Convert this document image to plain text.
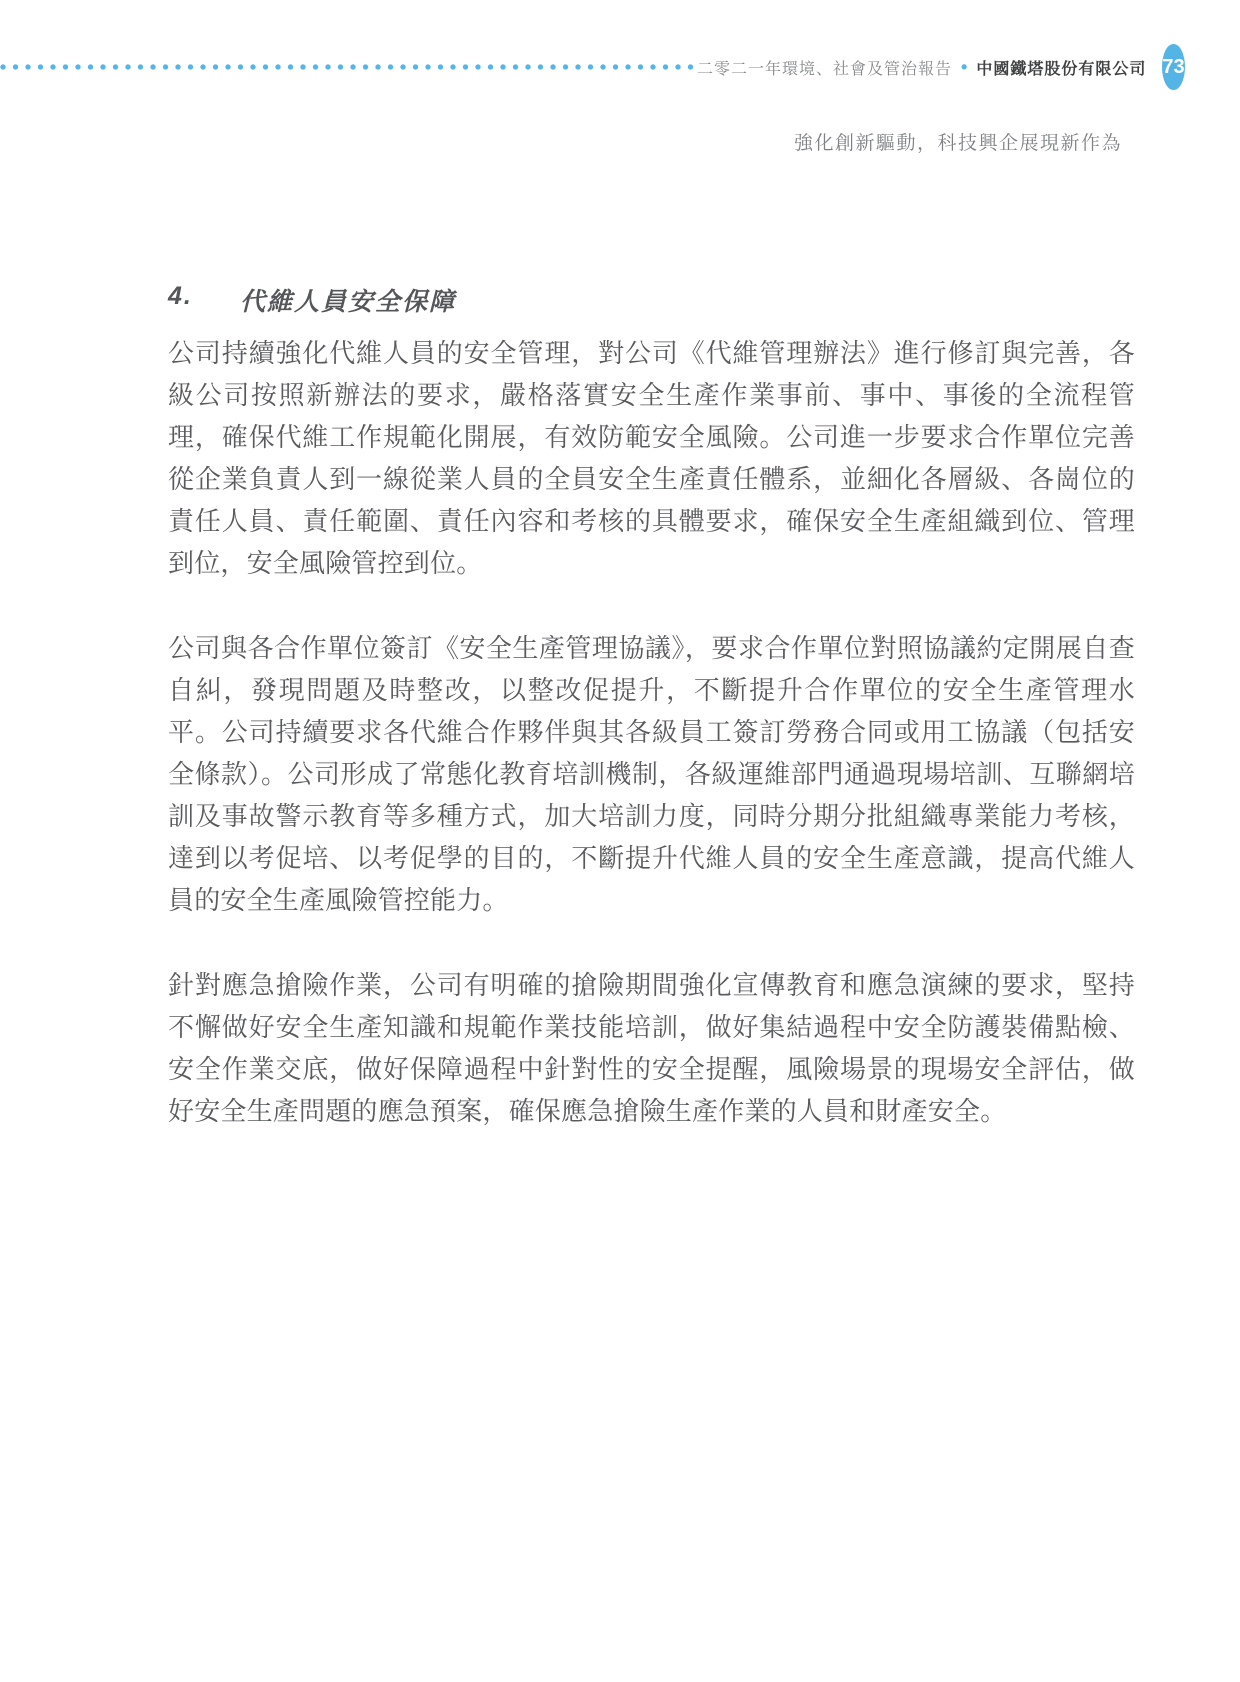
二零二一年環境、社會及管治報告 • 中國鐵塔股份有限公司 73
強化創新驅動，科技興企展現新作為
4.	代維人員安全保障

公司持續強化代維人員的安全管理，對公司《代維管理辦法》進行修訂與完善，各級公司按照新辦法的要求，嚴格落實安全生產作業事前、事中、事後的全流程管理，確保代維工作規範化開展，有效防範安全風險。公司進一步要求合作單位完善從企業負責人到一線從業人員的全員安全生產責任體系，並細化各層級、各崗位的責任人員、責任範圍、責任內容和考核的具體要求，確保安全生產組織到位、管理到位，安全風險管控到位。

公司與各合作單位簽訂《安全生產管理協議》，要求合作單位對照協議約定開展自查自糾，發現問題及時整改，以整改促提升，不斷提升合作單位的安全生產管理水平。公司持續要求各代維合作夥伴與其各級員工簽訂勞務合同或用工協議（包括安全條款）。公司形成了常態化教育培訓機制，各級運維部門通過現場培訓、互聯網培訓及事故警示教育等多種方式，加大培訓力度，同時分期分批組織專業能力考核，達到以考促培、以考促學的目的，不斷提升代維人員的安全生產意識，提高代維人員的安全生產風險管控能力。

針對應急搶險作業，公司有明確的搶險期間強化宣傳教育和應急演練的要求，堅持不懈做好安全生產知識和規範作業技能培訓，做好集結過程中安全防護裝備點檢、安全作業交底，做好保障過程中針對性的安全提醒，風險場景的現場安全評估，做好安全生產問題的應急預案，確保應急搶險生產作業的人員和財產安全。
